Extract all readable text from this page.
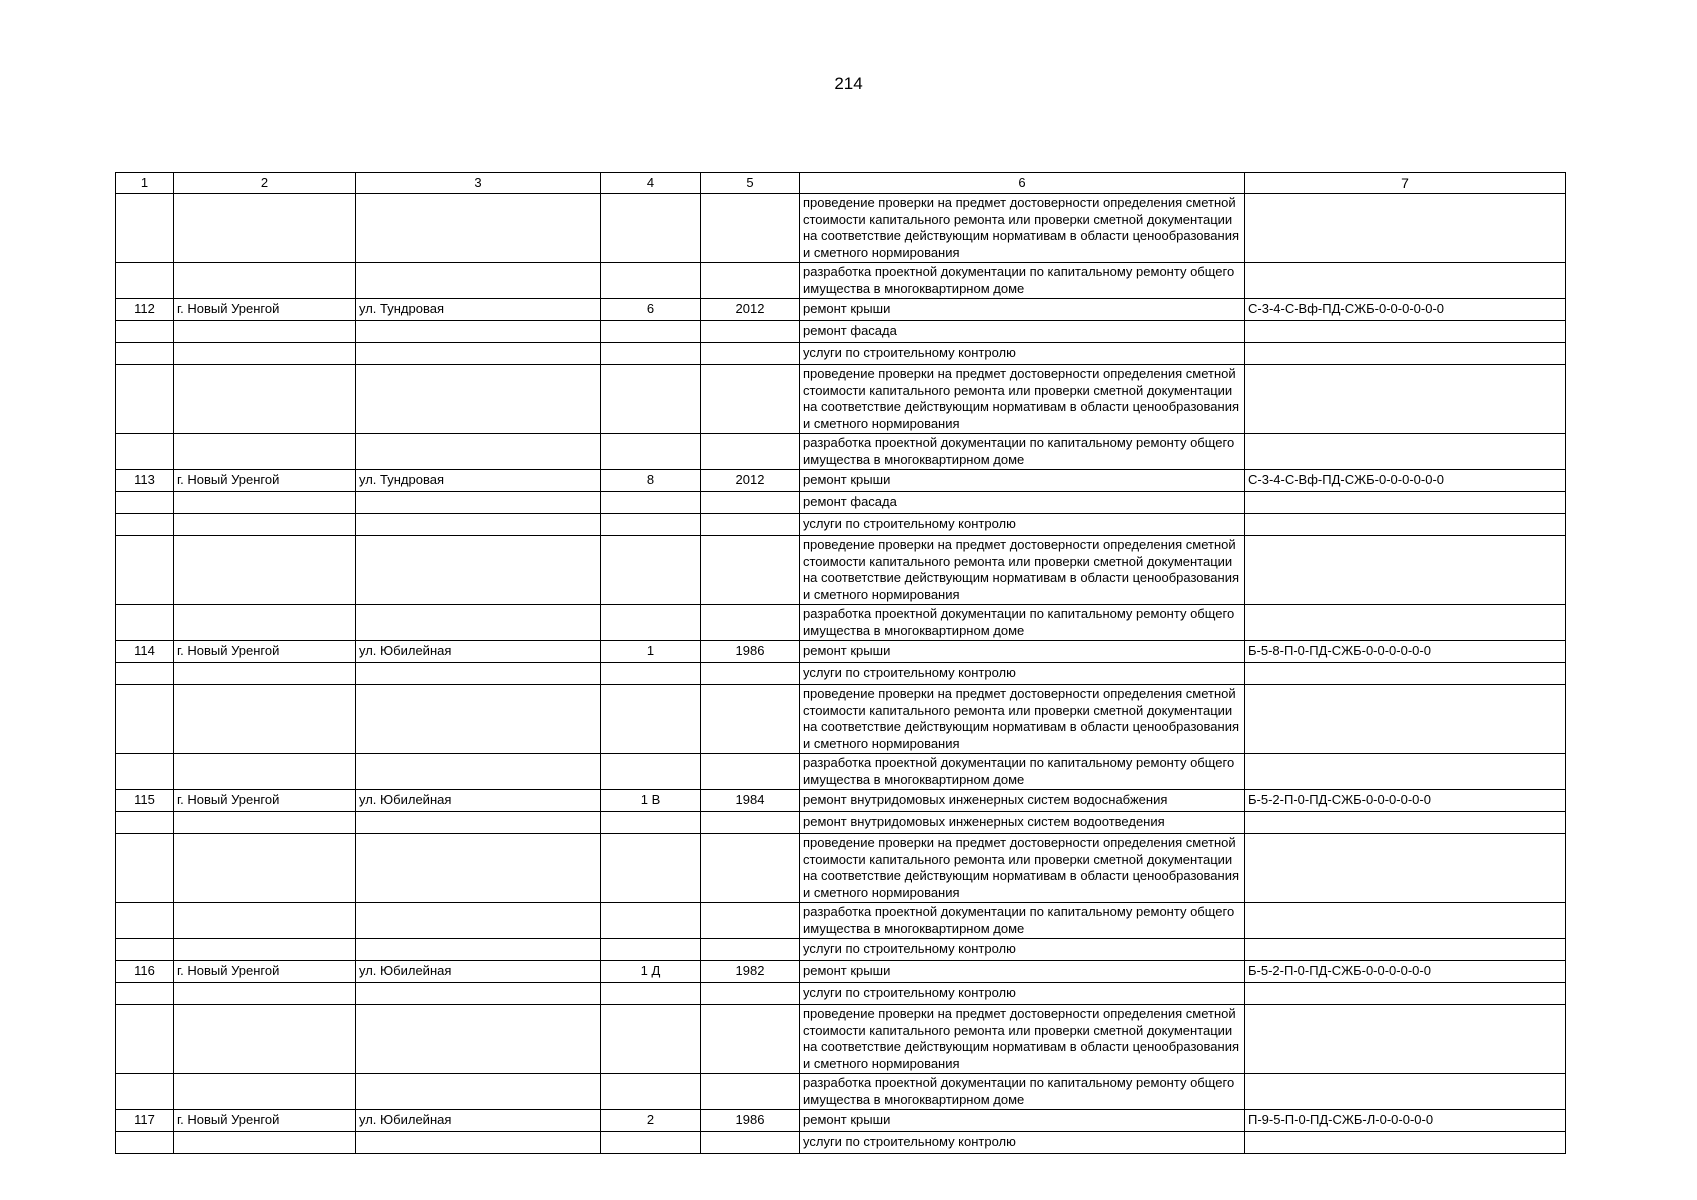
214
1	2	3	4	5	6	7
					проведение проверки на предмет достоверности определения сметной стоимости капитального ремонта или проверки сметной документации на соответствие действующим нормативам в области ценообразования и сметного нормирования	
					разработка проектной документации по капитальному ремонту общего имущества в многоквартирном доме	
112	г. Новый Уренгой	ул. Тундровая	6	2012	ремонт крыши	С-3-4-С-Вф-ПД-СЖБ-0-0-0-0-0-0
					ремонт фасада	
					услуги по строительному контролю	
					проведение проверки на предмет достоверности определения сметной стоимости капитального ремонта или проверки сметной документации на соответствие действующим нормативам в области ценообразования и сметного нормирования	
					разработка проектной документации по капитальному ремонту общего имущества в многоквартирном доме	
113	г. Новый Уренгой	ул. Тундровая	8	2012	ремонт крыши	С-3-4-С-Вф-ПД-СЖБ-0-0-0-0-0-0
					ремонт фасада	
					услуги по строительному контролю	
					проведение проверки на предмет достоверности определения сметной стоимости капитального ремонта или проверки сметной документации на соответствие действующим нормативам в области ценообразования и сметного нормирования	
					разработка проектной документации по капитальному ремонту общего имущества в многоквартирном доме	
114	г. Новый Уренгой	ул. Юбилейная	1	1986	ремонт крыши	Б-5-8-П-0-ПД-СЖБ-0-0-0-0-0-0
					услуги по строительному контролю	
					проведение проверки на предмет достоверности определения сметной стоимости капитального ремонта или проверки сметной документации на соответствие действующим нормативам в области ценообразования и сметного нормирования	
					разработка проектной документации по капитальному ремонту общего имущества в многоквартирном доме	
115	г. Новый Уренгой	ул. Юбилейная	1 В	1984	ремонт внутридомовых инженерных систем водоснабжения	Б-5-2-П-0-ПД-СЖБ-0-0-0-0-0-0
					ремонт внутридомовых инженерных систем водоотведения	
					проведение проверки на предмет достоверности определения сметной стоимости капитального ремонта или проверки сметной документации на соответствие действующим нормативам в области ценообразования и сметного нормирования	
					разработка проектной документации по капитальному ремонту общего имущества в многоквартирном доме	
					услуги по строительному контролю	
116	г. Новый Уренгой	ул. Юбилейная	1 Д	1982	ремонт крыши	Б-5-2-П-0-ПД-СЖБ-0-0-0-0-0-0
					услуги по строительному контролю	
					проведение проверки на предмет достоверности определения сметной стоимости капитального ремонта или проверки сметной документации на соответствие действующим нормативам в области ценообразования и сметного нормирования	
					разработка проектной документации по капитальному ремонту общего имущества в многоквартирном доме	
117	г. Новый Уренгой	ул. Юбилейная	2	1986	ремонт крыши	П-9-5-П-0-ПД-СЖБ-Л-0-0-0-0-0
					услуги по строительному контролю	
